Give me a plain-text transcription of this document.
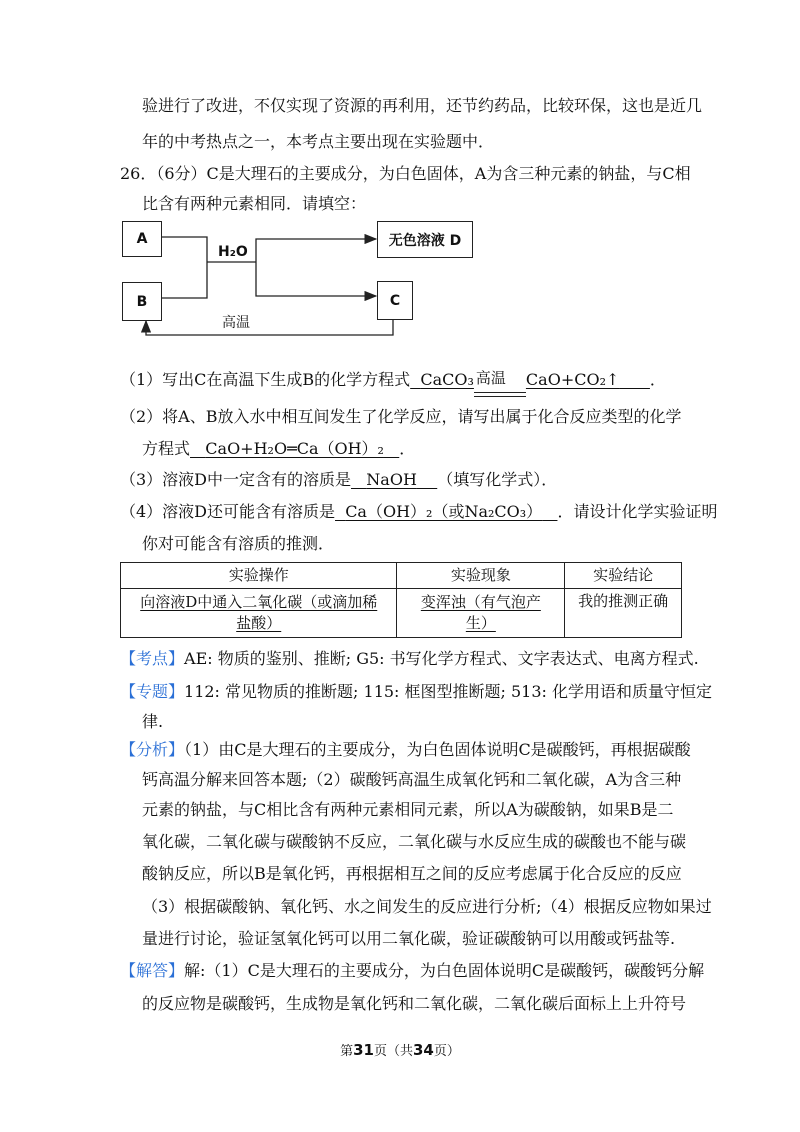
验进行了改进，不仅实现了资源的再利用，还节约药品，比较环保，这也是近几
年的中考热点之一，本考点主要出现在实验题中．
26．（6分）C是大理石的主要成分，为白色固体，A为含三种元素的钠盐，与C相
比含有两种元素相同．请填空：
A
B	C
无色溶液 D
H₂O
高温
（1）写出C在高温下生成B的化学方程式 CaCO₃ 高温 CaO+CO₂↑ ．
（2）将A、B放入水中相互间发生了化学反应，请写出属于化合反应类型的化学
方程式 CaO+H₂O═Ca（OH）₂ ．
（3）溶液D中一定含有的溶质是 NaOH （填写化学式）．
（4）溶液D还可能含有溶质是 Ca（OH）₂（或Na₂CO₃） ．请设计化学实验证明
你对可能含有溶质的推测．
实验操作	实验现象	实验结论
向溶液D中通入二氧化碳（或滴加稀盐酸）	变浑浊（有气泡产生）	我的推测正确
【考点】AE: 物质的鉴别、推断; G5: 书写化学方程式、文字表达式、电离方程式.
【专题】112: 常见物质的推断题; 115: 框图型推断题; 513: 化学用语和质量守恒定
律.
【分析】（1）由C是大理石的主要成分，为白色固体说明C是碳酸钙，再根据碳酸
钙高温分解来回答本题;（2）碳酸钙高温生成氧化钙和二氧化碳，A为含三种
元素的钠盐，与C相比含有两种元素相同元素，所以A为碳酸钠，如果B是二
氧化碳，二氧化碳与碳酸钠不反应，二氧化碳与水反应生成的碳酸也不能与碳
酸钠反应，所以B是氧化钙，再根据相互之间的反应考虑属于化合反应的反应
（3）根据碳酸钠、氧化钙、水之间发生的反应进行分析;（4）根据反应物如果过
量进行讨论，验证氢氧化钙可以用二氧化碳，验证碳酸钠可以用酸或钙盐等.
【解答】解:（1）C是大理石的主要成分，为白色固体说明C是碳酸钙，碳酸钙分解
的反应物是碳酸钙，生成物是氧化钙和二氧化碳，二氧化碳后面标上上升符号
第31页（共34页）
